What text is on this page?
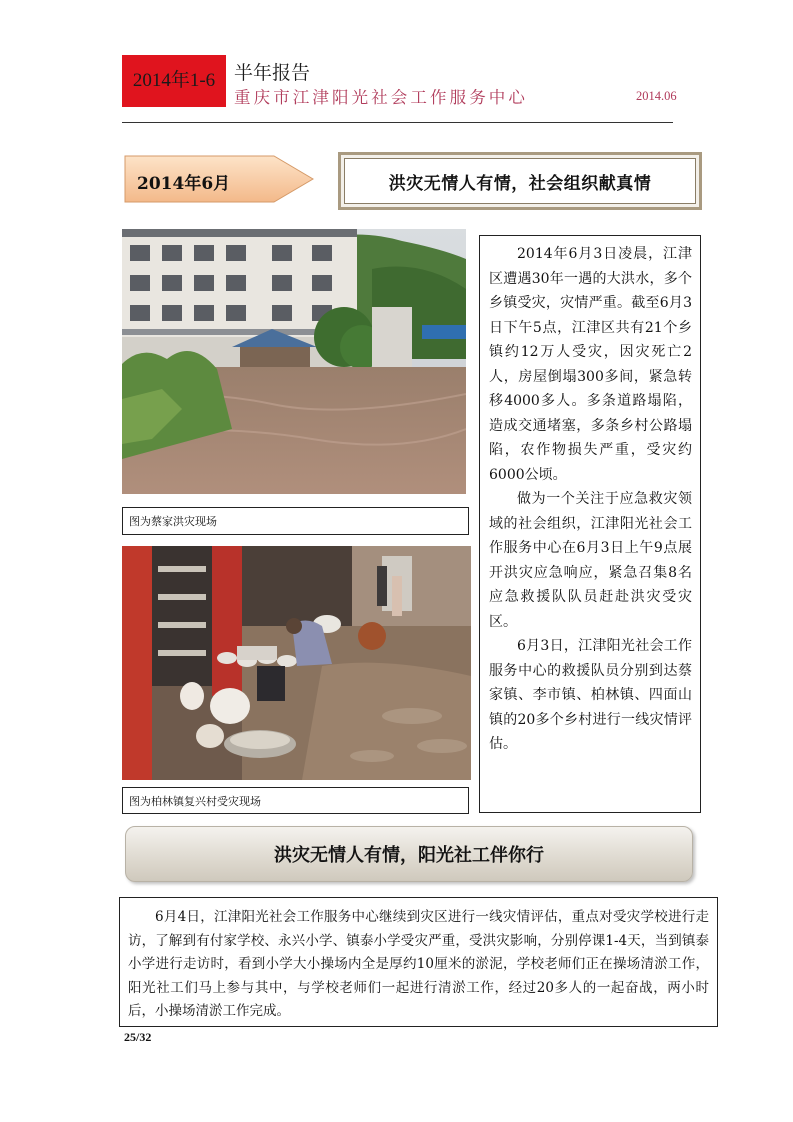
2014年1-6 半年报告
重庆市江津阳光社会工作服务中心	2014.06
2014年6月	洪灾无情人有情，社会组织献真情
图为蔡家洪灾现场
图为柏林镇复兴村受灾现场

2014年6月3日凌晨，江津区遭遇30年一遇的大洪水，多个乡镇受灾，灾情严重。截至6月3日下午5点，江津区共有21个乡镇约12万人受灾，因灾死亡2人，房屋倒塌300多间，紧急转移4000多人。多条道路塌陷，造成交通堵塞，多条乡村公路塌陷，农作物损失严重，受灾约6000公顷。

做为一个关注于应急救灾领域的社会组织，江津阳光社会工作服务中心在6月3日上午9点展开洪灾应急响应，紧急召集8名应急救援队队员赶赴洪灾受灾区。

6月3日，江津阳光社会工作服务中心的救援队员分别到达蔡家镇、李市镇、柏林镇、四面山镇的20多个乡村进行一线灾情评估。

洪灾无情人有情，阳光社工伴你行

6月4日，江津阳光社会工作服务中心继续到灾区进行一线灾情评估，重点对受灾学校进行走访，了解到有付家学校、永兴小学、镇泰小学受灾严重，受洪灾影响，分别停课1-4天，当到镇泰小学进行走访时，看到小学大小操场内全是厚约10厘米的淤泥，学校老师们正在操场清淤工作，阳光社工们马上参与其中，与学校老师们一起进行清淤工作，经过20多人的一起奋战，两小时后，小操场清淤工作完成。

25/32
